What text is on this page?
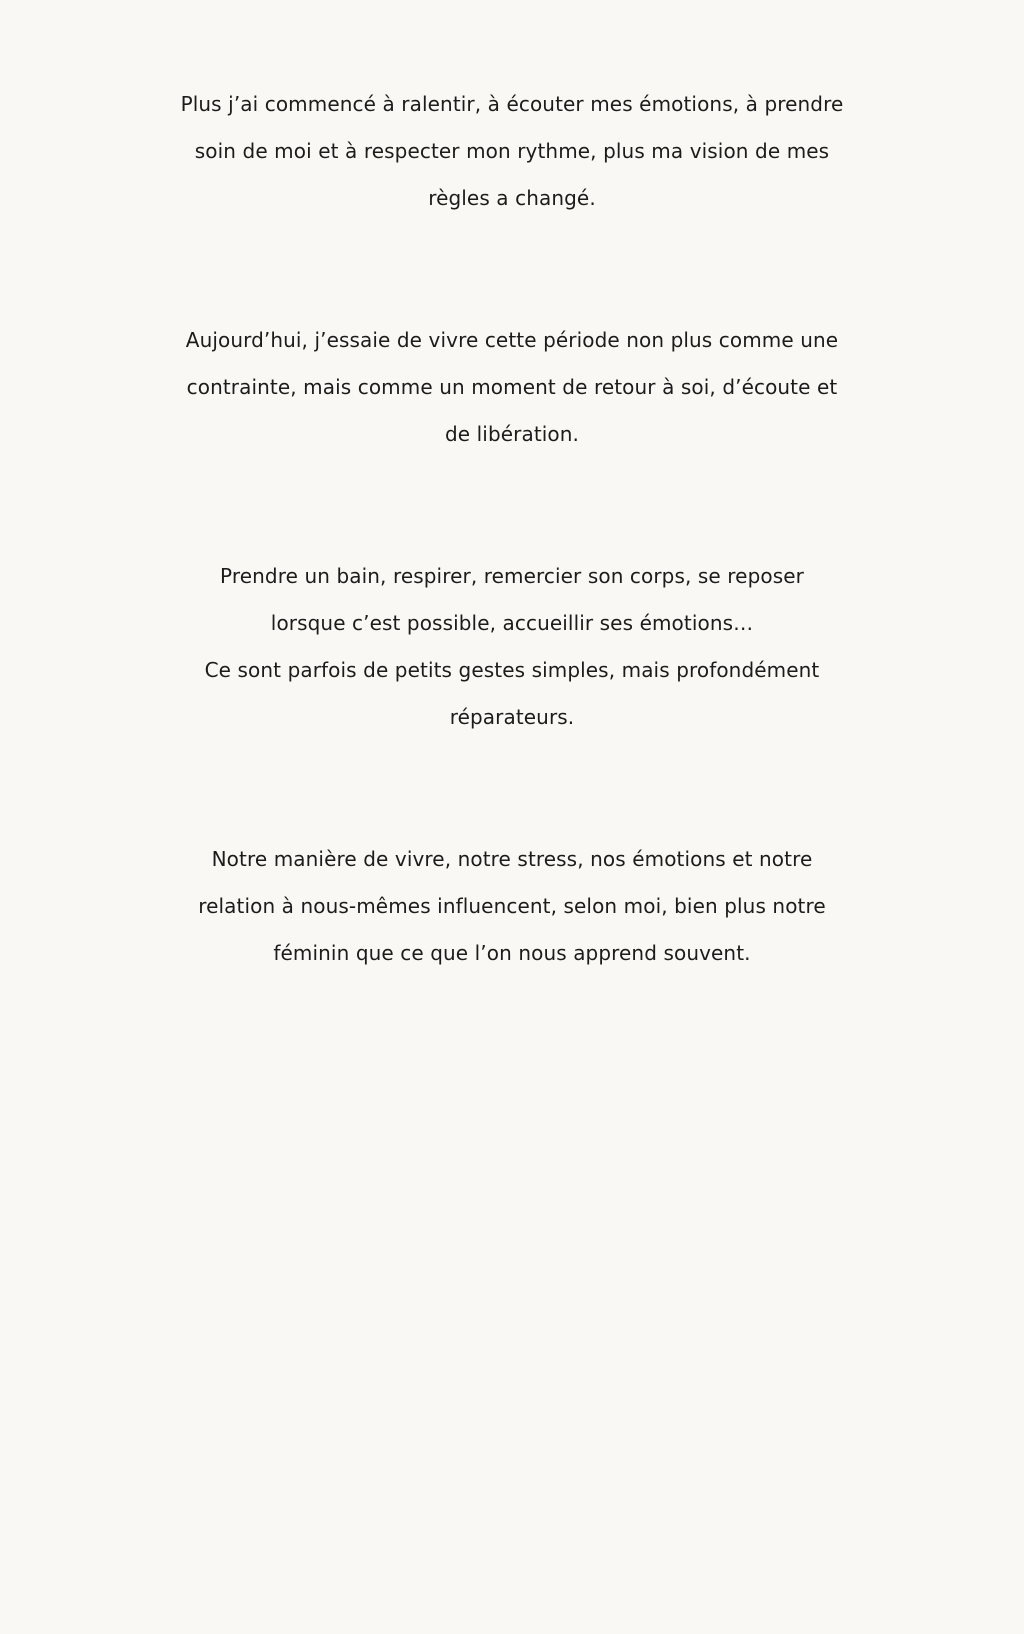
Plus j’ai commencé à ralentir, à écouter mes émotions, à prendre
soin de moi et à respecter mon rythme, plus ma vision de mes
règles a changé.

Aujourd’hui, j’essaie de vivre cette période non plus comme une
contrainte, mais comme un moment de retour à soi, d’écoute et
de libération.

Prendre un bain, respirer, remercier son corps, se reposer
lorsque c’est possible, accueillir ses émotions…
Ce sont parfois de petits gestes simples, mais profondément
réparateurs.

Notre manière de vivre, notre stress, nos émotions et notre
relation à nous-mêmes influencent, selon moi, bien plus notre
féminin que ce que l’on nous apprend souvent.
